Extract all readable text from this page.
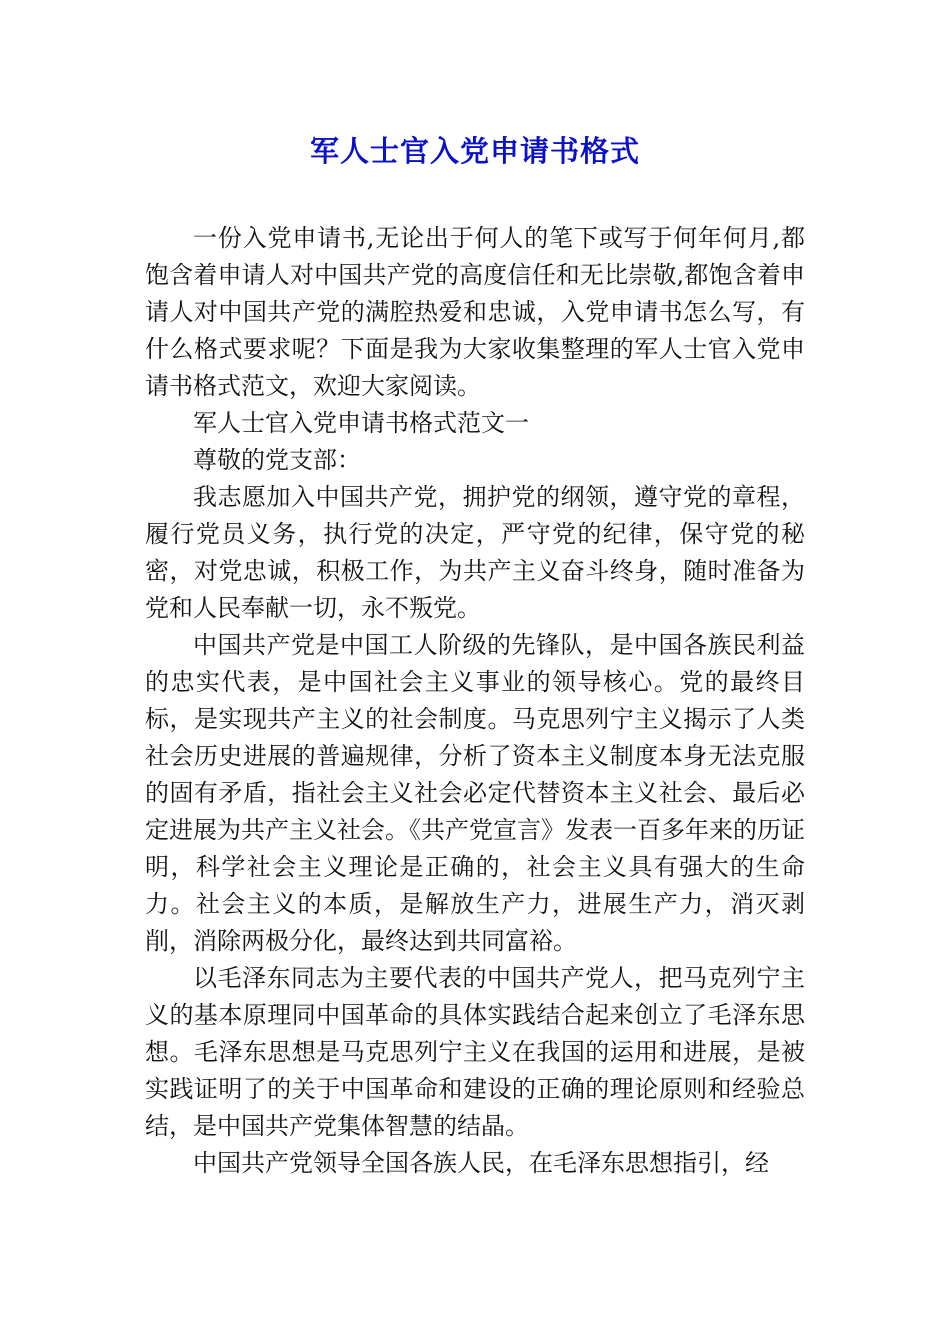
军人士官入党申请书格式

一份入党申请书,无论出于何人的笔下或写于何年何月,都饱含着申请人对中国共产党的高度信任和无比崇敬,都饱含着申请人对中国共产党的满腔热爱和忠诚，入党申请书怎么写，有什么格式要求呢？下面是我为大家收集整理的军人士官入党申请书格式范文，欢迎大家阅读。

军人士官入党申请书格式范文一

尊敬的党支部：

我志愿加入中国共产党，拥护党的纲领，遵守党的章程，履行党员义务，执行党的决定，严守党的纪律，保守党的秘密，对党忠诚，积极工作，为共产主义奋斗终身，随时准备为党和人民奉献一切，永不叛党。

中国共产党是中国工人阶级的先锋队，是中国各族民利益的忠实代表，是中国社会主义事业的领导核心。党的最终目标，是实现共产主义的社会制度。马克思列宁主义揭示了人类社会历史进展的普遍规律，分析了资本主义制度本身无法克服的固有矛盾，指社会主义社会必定代替资本主义社会、最后必定进展为共产主义社会。《共产党宣言》发表一百多年来的历证明，科学社会主义理论是正确的，社会主义具有强大的生命力。社会主义的本质，是解放生产力，进展生产力，消灭剥削，消除两极分化，最终达到共同富裕。

以毛泽东同志为主要代表的中国共产党人，把马克列宁主义的基本原理同中国革命的具体实践结合起来创立了毛泽东思想。毛泽东思想是马克思列宁主义在我国的运用和进展，是被实践证明了的关于中国革命和建设的正确的理论原则和经验总结，是中国共产党集体智慧的结晶。

中国共产党领导全国各族人民，在毛泽东思想指引，经
